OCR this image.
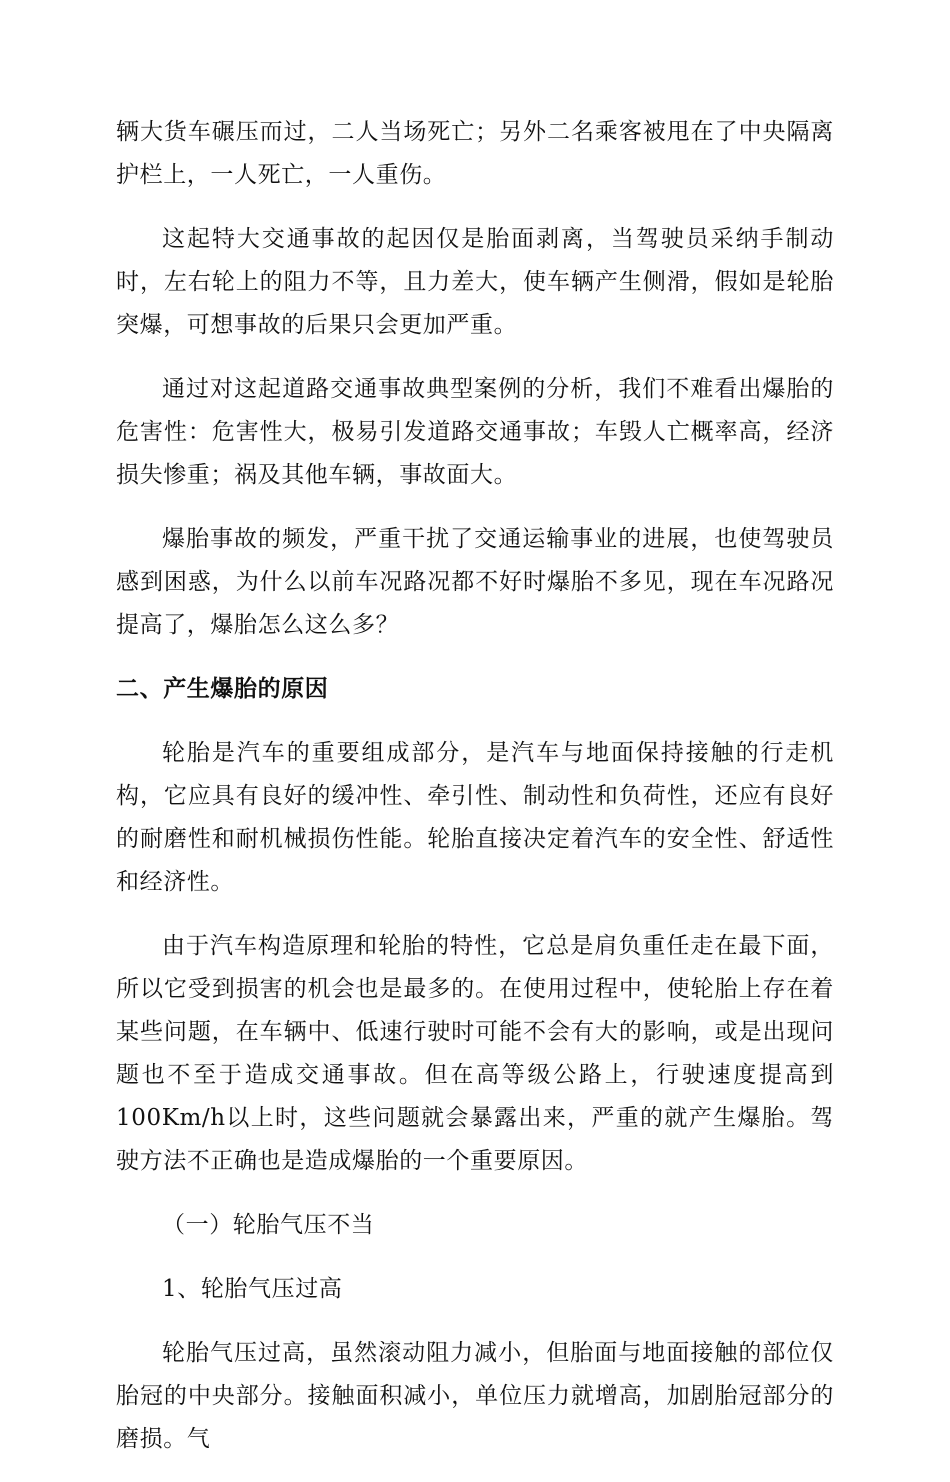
辆大货车碾压而过，二人当场死亡；另外二名乘客被甩在了中央隔离护栏上，一人死亡，一人重伤。

这起特大交通事故的起因仅是胎面剥离，当驾驶员采纳手制动时，左右轮上的阻力不等，且力差大，使车辆产生侧滑，假如是轮胎突爆，可想事故的后果只会更加严重。

通过对这起道路交通事故典型案例的分析，我们不难看出爆胎的危害性：危害性大，极易引发道路交通事故；车毁人亡概率高，经济损失惨重；祸及其他车辆，事故面大。

爆胎事故的频发，严重干扰了交通运输事业的进展，也使驾驶员感到困惑，为什么以前车况路况都不好时爆胎不多见，现在车况路况提高了，爆胎怎么这么多？

二、产生爆胎的原因

轮胎是汽车的重要组成部分，是汽车与地面保持接触的行走机构，它应具有良好的缓冲性、牵引性、制动性和负荷性，还应有良好的耐磨性和耐机械损伤性能。轮胎直接决定着汽车的安全性、舒适性和经济性。

由于汽车构造原理和轮胎的特性，它总是肩负重任走在最下面，所以它受到损害的机会也是最多的。在使用过程中，使轮胎上存在着某些问题，在车辆中、低速行驶时可能不会有大的影响，或是出现问题也不至于造成交通事故。但在高等级公路上，行驶速度提高到100Km/h以上时，这些问题就会暴露出来，严重的就产生爆胎。驾驶方法不正确也是造成爆胎的一个重要原因。

（一）轮胎气压不当
1、轮胎气压过高

轮胎气压过高，虽然滚动阻力减小，但胎面与地面接触的部位仅胎冠的中央部分。接触面积减小，单位压力就增高，加剧胎冠部分的磨损。气
